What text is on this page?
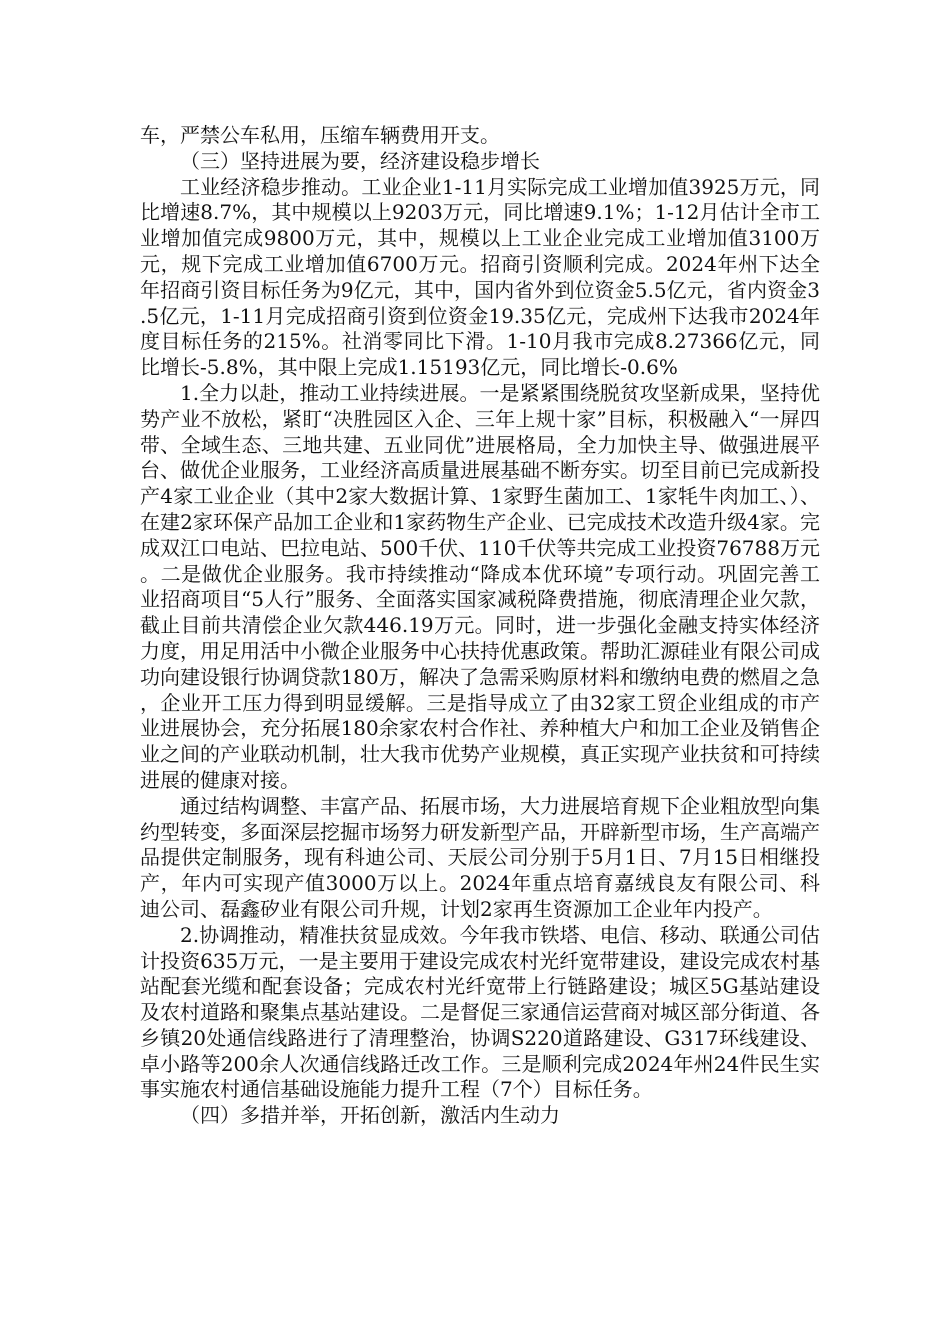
车，严禁公车私用，压缩车辆费用开支。

（三）坚持进展为要，经济建设稳步增长

工业经济稳步推动。工业企业1-11月实际完成工业增加值3925万元，同比增速8.7%，其中规模以上9203万元，同比增速9.1%；1-12月估计全市工业增加值完成9800万元，其中，规模以上工业企业完成工业增加值3100万元，规下完成工业增加值6700万元。招商引资顺利完成。2024年州下达全年招商引资目标任务为9亿元，其中，国内省外到位资金5.5亿元，省内资金3.5亿元，1-11月完成招商引资到位资金19.35亿元，完成州下达我市2024年度目标任务的215%。社消零同比下滑。1-10月我市完成8.27366亿元，同比增长-5.8%，其中限上完成1.15193亿元，同比增长-0.6%

1.全力以赴，推动工业持续进展。一是紧紧围绕脱贫攻坚新成果，坚持优势产业不放松，紧盯“决胜园区入企、三年上规十家”目标，积极融入“一屏四带、全域生态、三地共建、五业同优”进展格局，全力加快主导、做强进展平台、做优企业服务，工业经济高质量进展基础不断夯实。切至目前已完成新投产4家工业企业（其中2家大数据计算、1家野生菌加工、1家牦牛肉加工、）、在建2家环保产品加工企业和1家药物生产企业、已完成技术改造升级4家。完成双江口电站、巴拉电站、500千伏、110千伏等共完成工业投资76788万元。二是做优企业服务。我市持续推动“降成本优环境”专项行动。巩固完善工业招商项目“5人行”服务、全面落实国家减税降费措施，彻底清理企业欠款，截止目前共清偿企业欠款446.19万元。同时，进一步强化金融支持实体经济力度，用足用活中小微企业服务中心扶持优惠政策。帮助汇源硅业有限公司成功向建设银行协调贷款180万，解决了急需采购原材料和缴纳电费的燃眉之急，企业开工压力得到明显缓解。三是指导成立了由32家工贸企业组成的市产业进展协会，充分拓展180余家农村合作社、养种植大户和加工企业及销售企业之间的产业联动机制，壮大我市优势产业规模，真正实现产业扶贫和可持续进展的健康对接。

通过结构调整、丰富产品、拓展市场，大力进展培育规下企业粗放型向集约型转变，多面深层挖掘市场努力研发新型产品，开辟新型市场，生产高端产品提供定制服务，现有科迪公司、天辰公司分别于5月1日、7月15日相继投产，年内可实现产值3000万以上。2024年重点培育嘉绒良友有限公司、科迪公司、磊鑫矽业有限公司升规，计划2家再生资源加工企业年内投产。

2.协调推动，精准扶贫显成效。今年我市铁塔、电信、移动、联通公司估计投资635万元，一是主要用于建设完成农村光纤宽带建设，建设完成农村基站配套光缆和配套设备；完成农村光纤宽带上行链路建设；城区5G基站建设及农村道路和聚集点基站建设。二是督促三家通信运营商对城区部分街道、各乡镇20处通信线路进行了清理整治，协调S220道路建设、G317环线建设、卓小路等200余人次通信线路迁改工作。三是顺利完成2024年州24件民生实事实施农村通信基础设施能力提升工程（7个）目标任务。

（四）多措并举，开拓创新，激活内生动力
